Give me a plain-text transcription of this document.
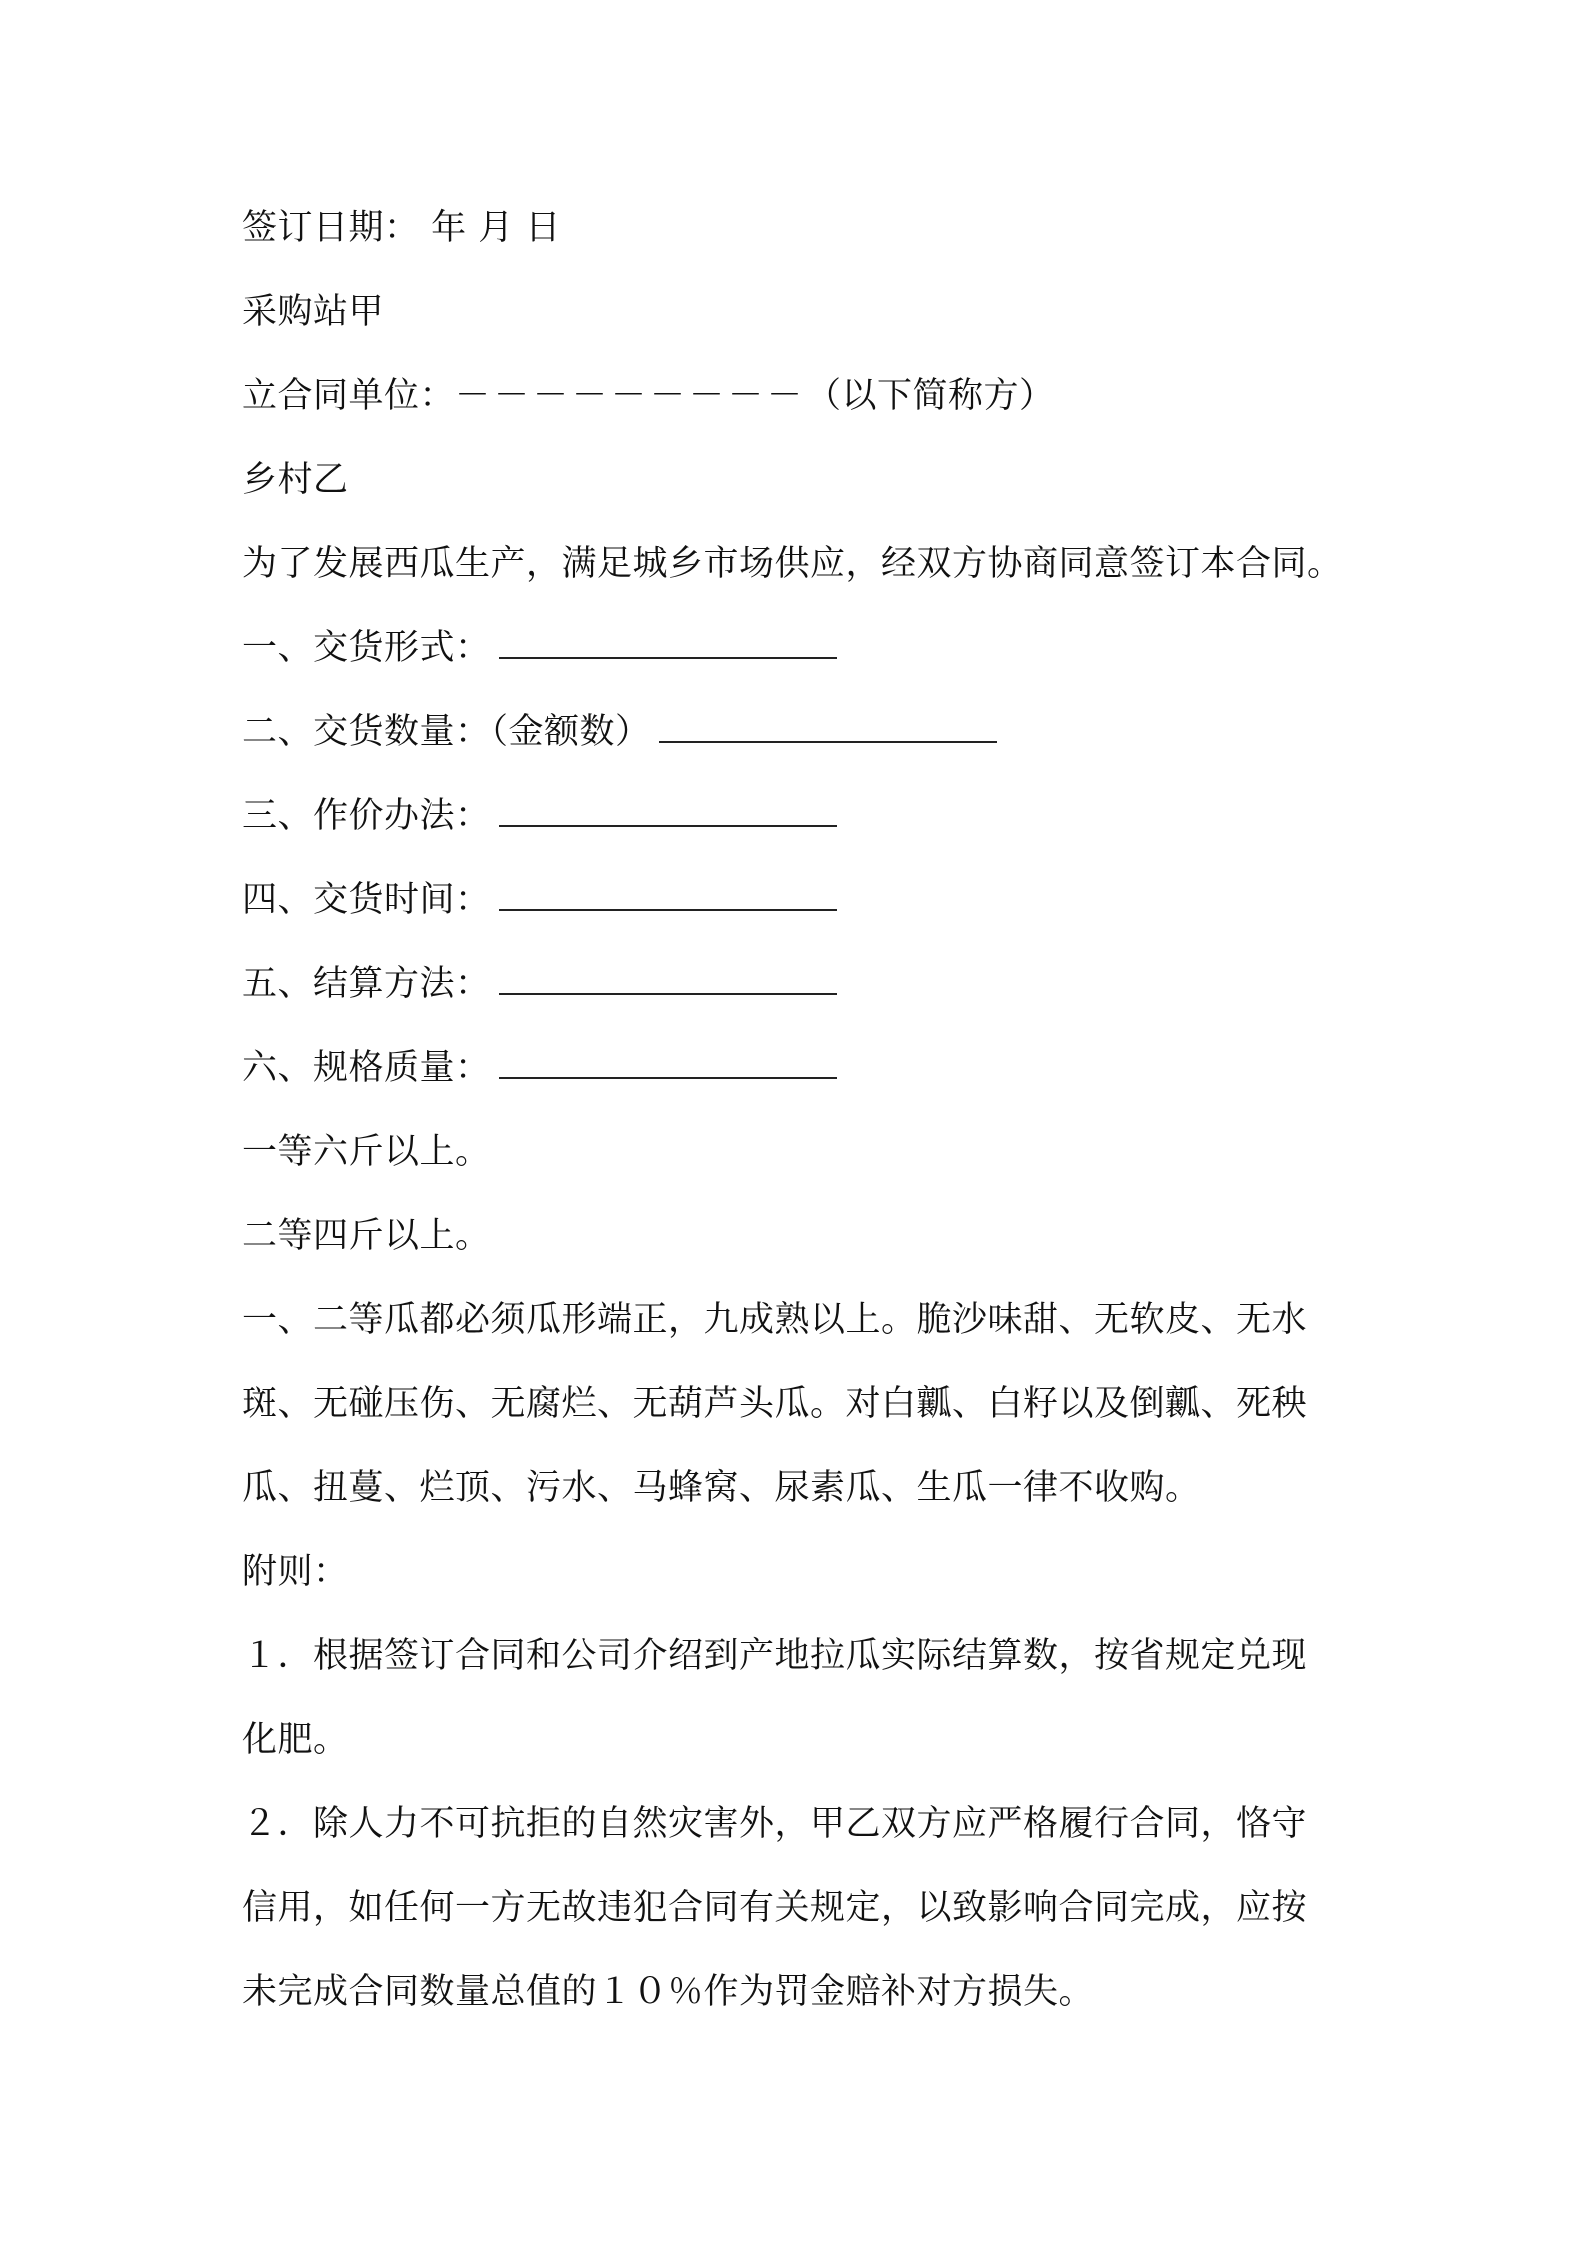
签订日期： 年 月 日
采购站甲
立合同单位：－－－－－－－－－（以下简称方）
乡村乙
为了发展西瓜生产，满足城乡市场供应，经双方协商同意签订本合同。
一、交货形式：
二、交货数量：（金额数）
三、作价办法：
四、交货时间：
五、结算方法：
六、规格质量：
一等六斤以上。
二等四斤以上。
一、二等瓜都必须瓜形端正，九成熟以上。脆沙味甜、无软皮、无水
斑、无碰压伤、无腐烂、无葫芦头瓜。对白瓤、白籽以及倒瓤、死秧
瓜、扭蔓、烂顶、污水、马蜂窝、尿素瓜、生瓜一律不收购。
附则：
１．根据签订合同和公司介绍到产地拉瓜实际结算数，按省规定兑现
化肥。
２．除人力不可抗拒的自然灾害外，甲乙双方应严格履行合同，恪守
信用，如任何一方无故违犯合同有关规定，以致影响合同完成，应按
未完成合同数量总值的１０％作为罚金赔补对方损失。
